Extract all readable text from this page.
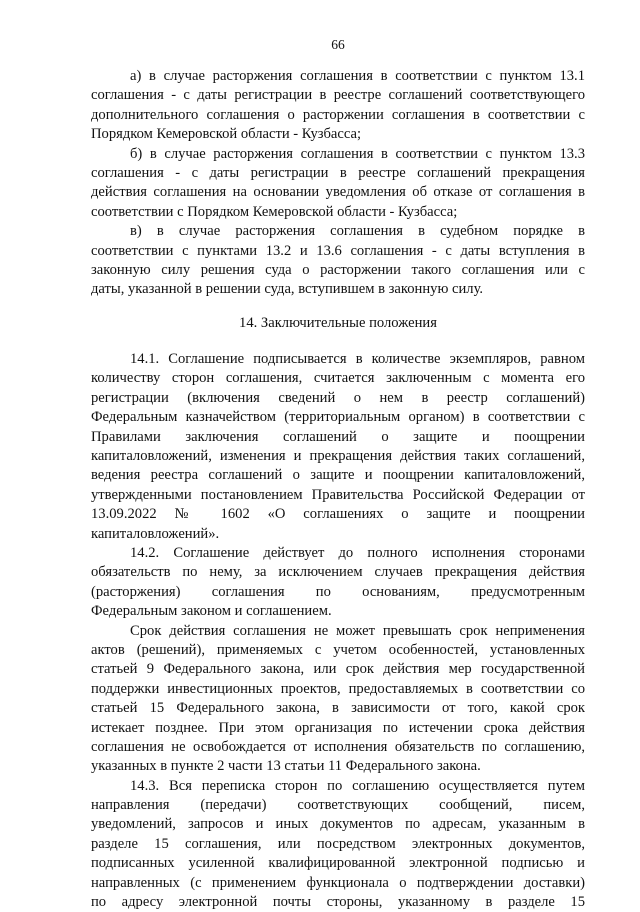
66
а) в случае расторжения соглашения в соответствии с пунктом 13.1
соглашения - с даты регистрации в реестре соглашений соответствующего
дополнительного соглашения о расторжении соглашения в соответствии с
Порядком Кемеровской области - Кузбасса;
б) в случае расторжения соглашения в соответствии с пунктом 13.3
соглашения - с даты регистрации в реестре соглашений прекращения
действия соглашения на основании уведомления об отказе от соглашения в
соответствии с Порядком Кемеровской области - Кузбасса;
в) в случае расторжения соглашения в судебном порядке в
соответствии с пунктами 13.2 и 13.6 соглашения - с даты вступления в
законную силу решения суда о расторжении такого соглашения или с
даты, указанной в решении суда, вступившем в законную силу.
14. Заключительные положения
14.1. Соглашение подписывается в количестве экземпляров, равном
количеству сторон соглашения, считается заключенным с момента его
регистрации (включения сведений о нем в реестр соглашений)
Федеральным казначейством (территориальным органом) в соответствии с
Правилами заключения соглашений о защите и поощрении
капиталовложений, изменения и прекращения действия таких соглашений,
ведения реестра соглашений о защите и поощрении капиталовложений,
утвержденными постановлением Правительства Российской Федерации от
13.09.2022 № 1602 «О соглашениях о защите и поощрении
капиталовложений».
14.2. Соглашение действует до полного исполнения сторонами
обязательств по нему, за исключением случаев прекращения действия
(расторжения) соглашения по основаниям, предусмотренным
Федеральным законом и соглашением.
Срок действия соглашения не может превышать срок неприменения
актов (решений), применяемых с учетом особенностей, установленных
статьей 9 Федерального закона, или срок действия мер государственной
поддержки инвестиционных проектов, предоставляемых в соответствии со
статьей 15 Федерального закона, в зависимости от того, какой срок
истекает позднее. При этом организация по истечении срока действия
соглашения не освобождается от исполнения обязательств по соглашению,
указанных в пункте 2 части 13 статьи 11 Федерального закона.
14.3. Вся переписка сторон по соглашению осуществляется путем
направления (передачи) соответствующих сообщений, писем,
уведомлений, запросов и иных документов по адресам, указанным в
разделе 15 соглашения, или посредством электронных документов,
подписанных усиленной квалифицированной электронной подписью и
направленных (с применением функционала о подтверждении доставки)
по адресу электронной почты стороны, указанному в разделе 15
